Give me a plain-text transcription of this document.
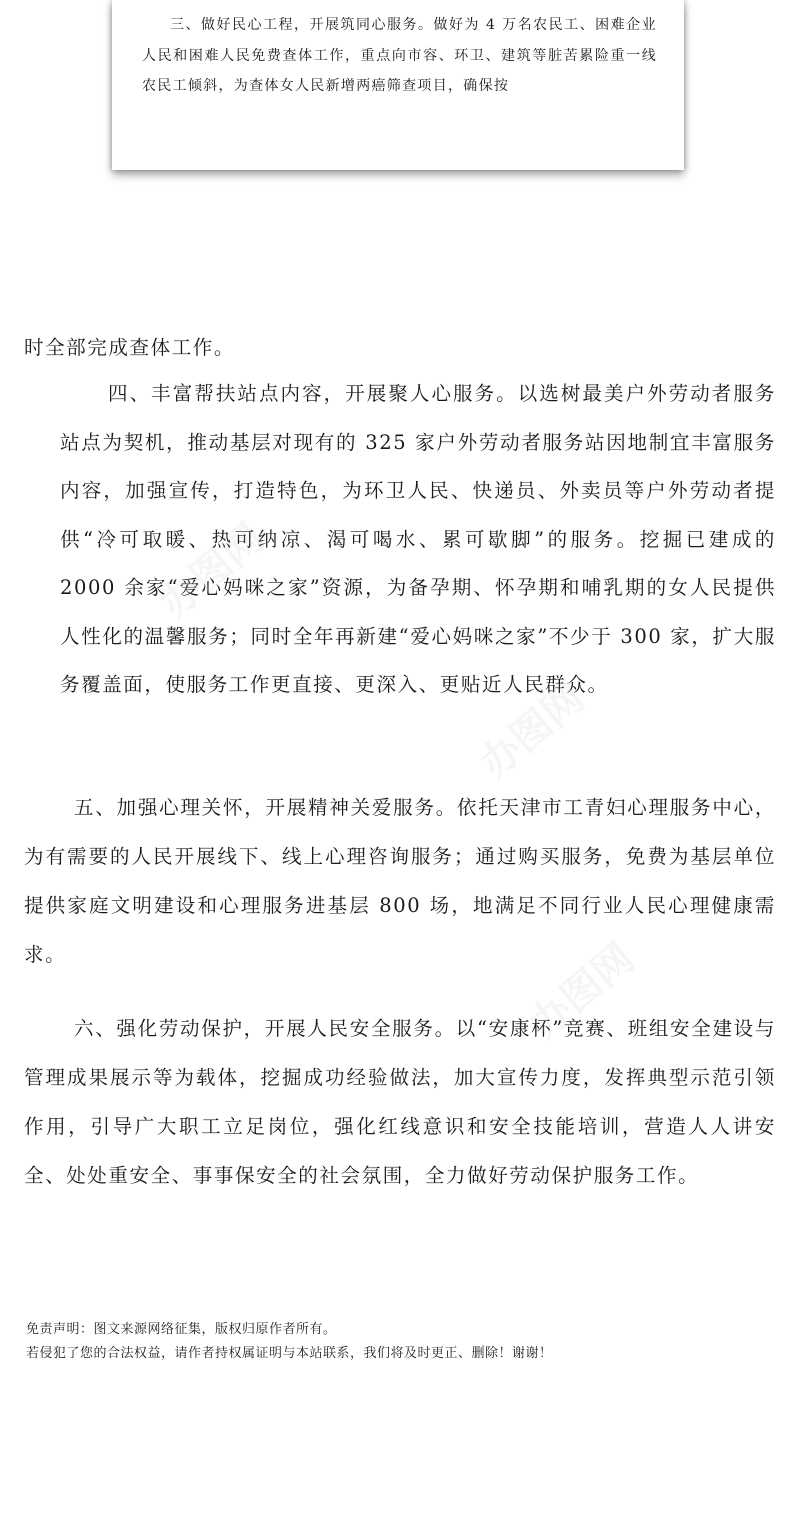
三、做好民心工程，开展筑同心服务。做好为 4 万名农民工、困难企业人民和困难人民免费查体工作，重点向市容、环卫、建筑等脏苦累险重一线农民工倾斜，为查体女人民新增两癌筛查项目，确保按

时全部完成查体工作。

四、丰富帮扶站点内容，开展聚人心服务。以选树最美户外劳动者服务站点为契机，推动基层对现有的 325 家户外劳动者服务站因地制宜丰富服务内容，加强宣传，打造特色，为环卫人民、快递员、外卖员等户外劳动者提供“冷可取暖、热可纳凉、渴可喝水、累可歇脚”的服务。挖掘已建成的 2000 余家“爱心妈咪之家”资源，为备孕期、怀孕期和哺乳期的女人民提供人性化的温馨服务；同时全年再新建“爱心妈咪之家”不少于 300 家，扩大服务覆盖面，使服务工作更直接、更深入、更贴近人民群众。

五、加强心理关怀，开展精神关爱服务。依托天津市工青妇心理服务中心，为有需要的人民开展线下、线上心理咨询服务；通过购买服务，免费为基层单位提供家庭文明建设和心理服务进基层 800 场，地满足不同行业人民心理健康需求。

六、强化劳动保护，开展人民安全服务。以“安康杯”竞赛、班组安全建设与管理成果展示等为载体，挖掘成功经验做法，加大宣传力度，发挥典型示范引领作用，引导广大职工立足岗位，强化红线意识和安全技能培训，营造人人讲安全、处处重安全、事事保安全的社会氛围，全力做好劳动保护服务工作。

免责声明：图文来源网络征集，版权归原作者所有。

若侵犯了您的合法权益，请作者持权属证明与本站联系，我们将及时更正、删除！谢谢！

办图网
办图网
办图网
